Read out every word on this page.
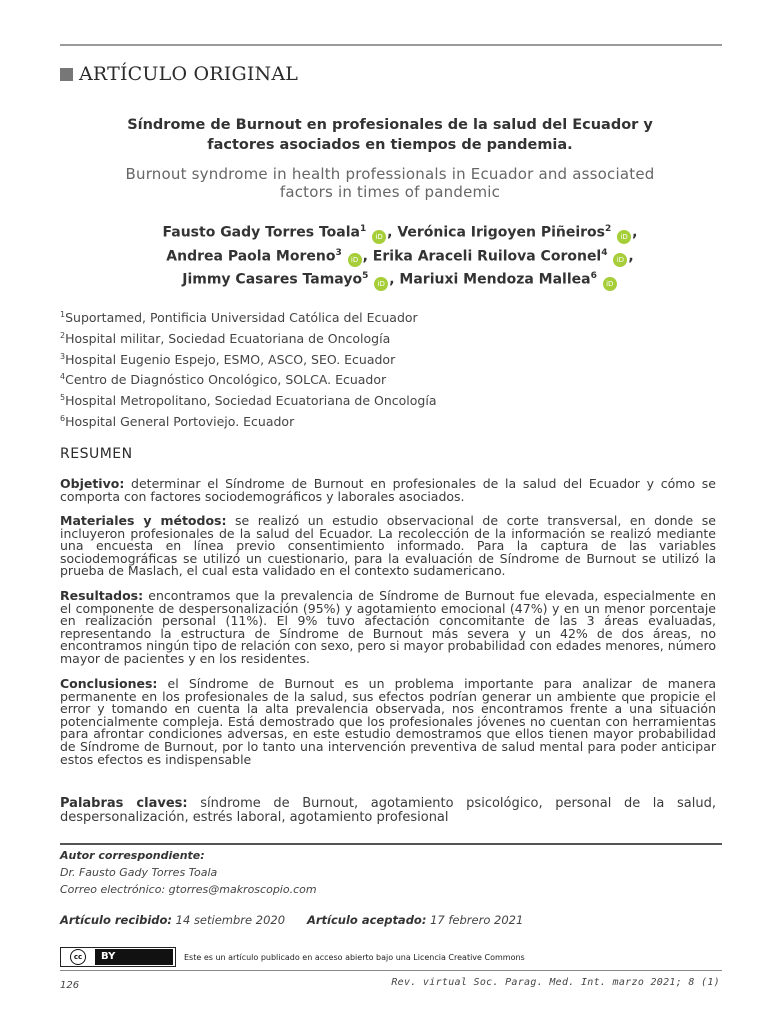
ARTÍCULO ORIGINAL
Síndrome de Burnout en profesionales de la salud del Ecuador y
factores asociados en tiempos de pandemia.
Burnout syndrome in health professionals in Ecuador and associated
factors in times of pandemic
Fausto Gady Torres Toala$^1$ iD , Verónica Irigoyen Piñeiros$^2$ iD ,
Andrea Paola Moreno$^3$ iD , Erika Araceli Ruilova Coronel$^4$ iD ,
Jimmy Casares Tamayo$^5$ iD , Mariuxi Mendoza Mallea$^6$ iD
$^1$Suportamed, Pontificia Universidad Católica del Ecuador
$^2$Hospital militar, Sociedad Ecuatoriana de Oncología
$^3$Hospital Eugenio Espejo, ESMO, ASCO, SEO. Ecuador
$^4$Centro de Diagnóstico Oncológico, SOLCA. Ecuador
$^5$Hospital Metropolitano, Sociedad Ecuatoriana de Oncología
$^6$Hospital General Portoviejo. Ecuador
RESUMEN
Objetivo: determinar el Síndrome de Burnout en profesionales de la salud del Ecuador y cómo se comporta con factores sociodemográficos y laborales asociados.
Materiales y métodos: se realizó un estudio observacional de corte transversal, en donde se incluyeron profesionales de la salud del Ecuador. La recolección de la información se realizó mediante una encuesta en línea previo consentimiento informado. Para la captura de las variables sociodemográficas se utilizó un cuestionario, para la evaluación de Síndrome de Burnout se utilizó la prueba de Maslach, el cual esta validado en el contexto sudamericano.
Resultados: encontramos que la prevalencia de Síndrome de Burnout fue elevada, especialmente en el componente de despersonalización (95%) y agotamiento emocional (47%) y en un menor porcentaje en realización personal (11%). El 9% tuvo afectación concomitante de las 3 áreas evaluadas, representando la estructura de Síndrome de Burnout más severa y un 42% de dos áreas, no encontramos ningún tipo de relación con sexo, pero si mayor probabilidad con edades menores, número mayor de pacientes y en los residentes.
Conclusiones: el Síndrome de Burnout es un problema importante para analizar de manera permanente en los profesionales de la salud, sus efectos podrían generar un ambiente que propicie el error y tomando en cuenta la alta prevalencia observada, nos encontramos frente a una situación potencialmente compleja. Está demostrado que los profesionales jóvenes no cuentan con herramientas para afrontar condiciones adversas, en este estudio demostramos que ellos tienen mayor probabilidad de Síndrome de Burnout, por lo tanto una intervención preventiva de salud mental para poder anticipar estos efectos es indispensable
Palabras claves: síndrome de Burnout, agotamiento psicológico, personal de la salud, despersonalización, estrés laboral, agotamiento profesional
Autor correspondiente:
Dr. Fausto Gady Torres Toala
Correo electrónico: gtorres@makroscopio.com
Artículo recibido: 14 setiembre 2020 Artículo aceptado: 17 febrero 2021
cc	BY	Este es un artículo publicado en acceso abierto bajo una Licencia Creative Commons
126	Rev. virtual Soc. Parag. Med. Int. marzo 2021; 8 (1)
